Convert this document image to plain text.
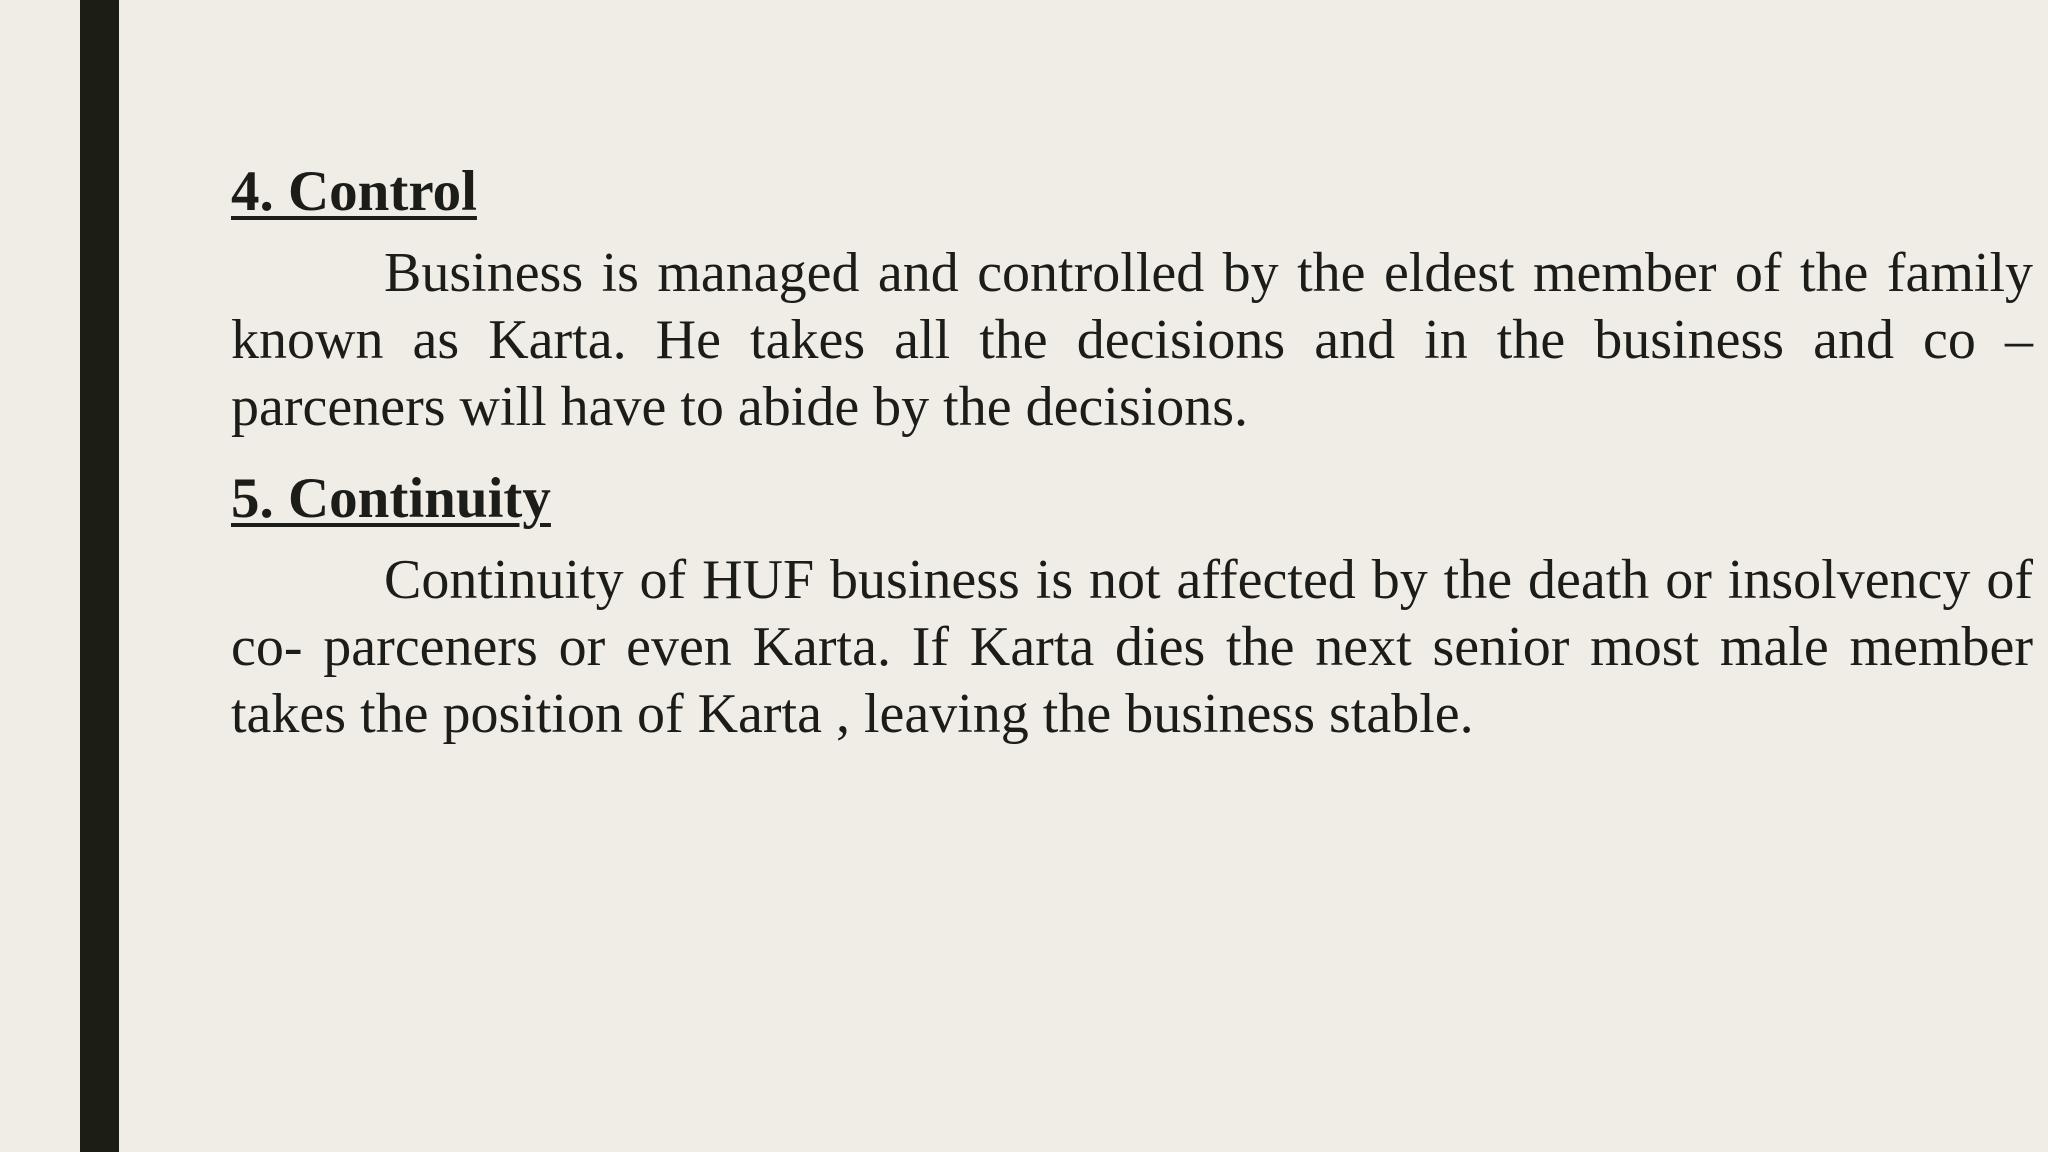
4. Control

Business is managed and controlled by the eldest member of the family known as Karta. He takes all the decisions and in the business and co – parceners will have to abide by the decisions.

5. Continuity

Continuity of HUF business is not affected by the death or insolvency of co- parceners or even Karta. If Karta dies the next senior most male member takes the position of Karta , leaving the business stable.
